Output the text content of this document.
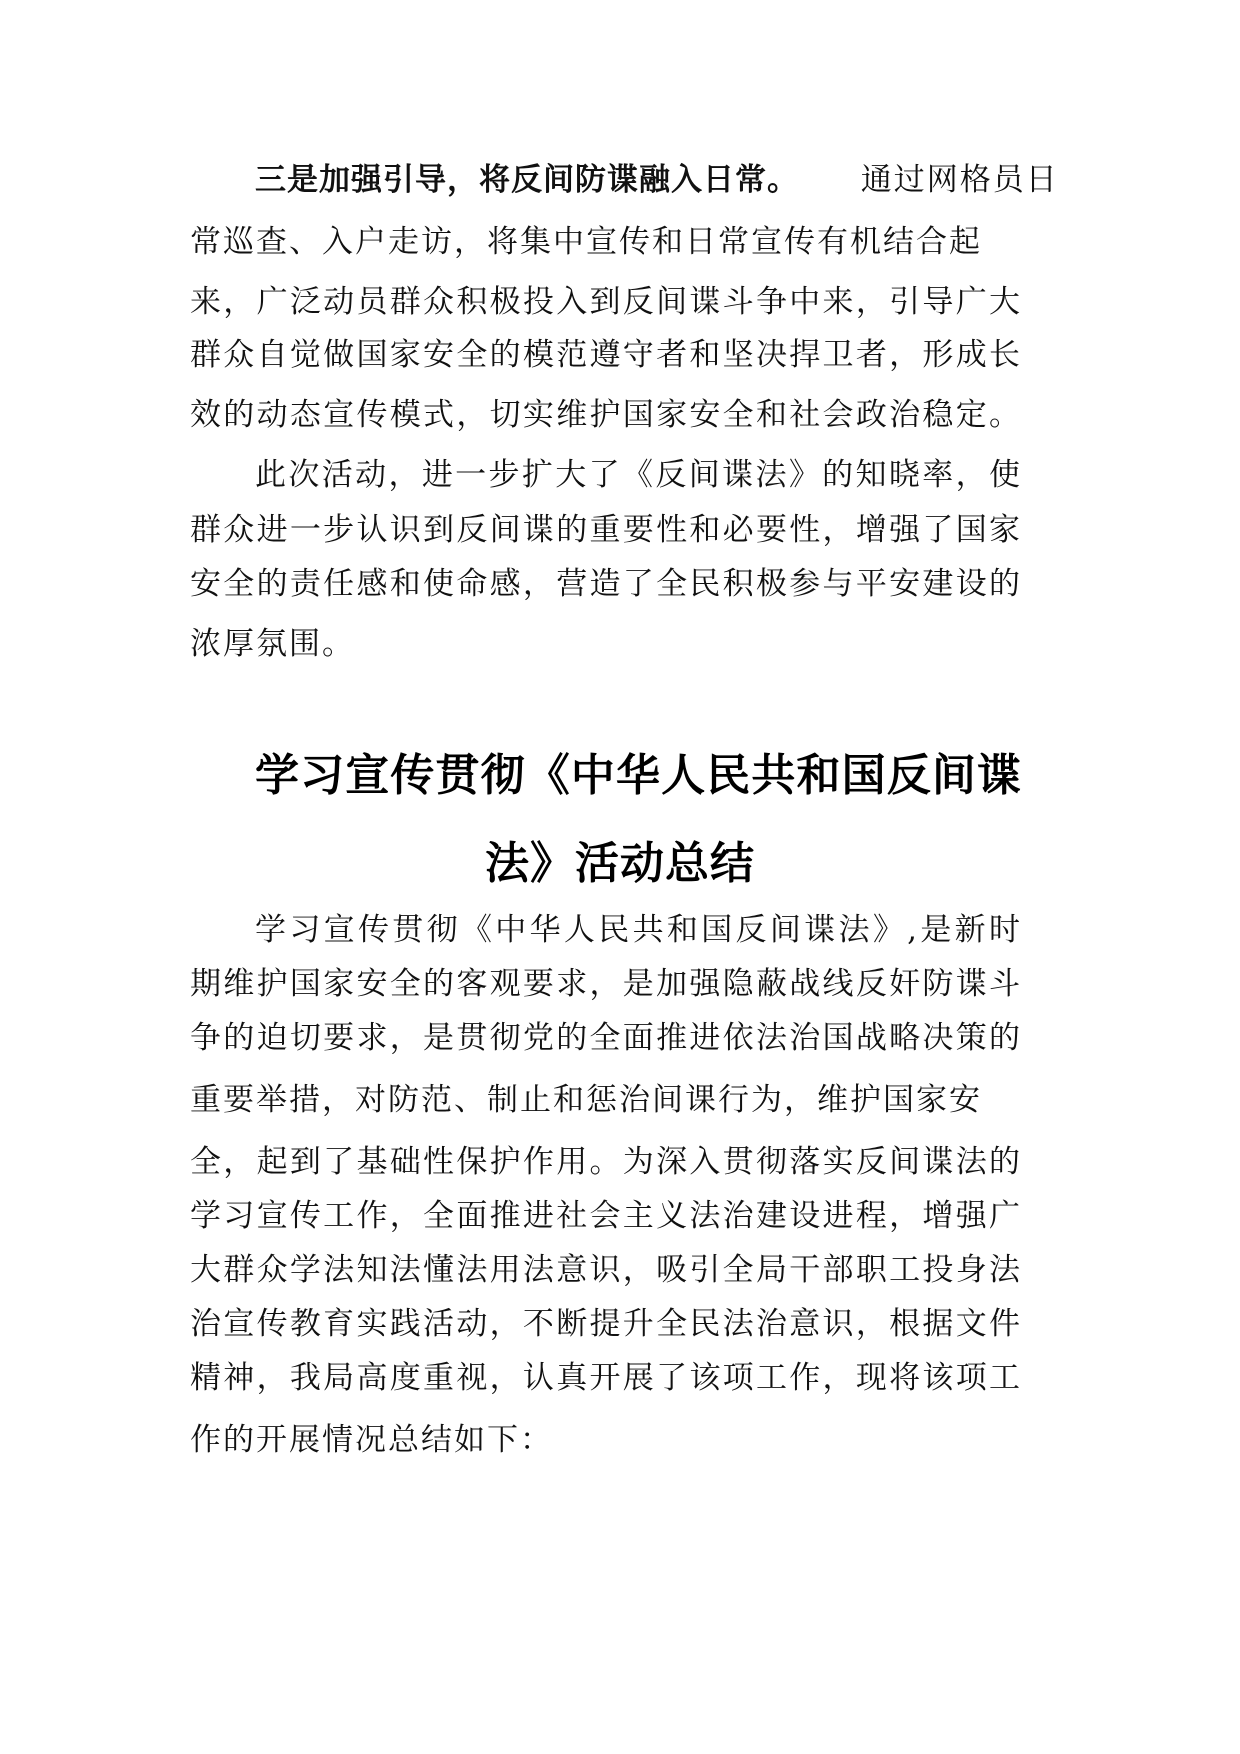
三是加强引导，将反间防谍融入日常。 通过网格员日
常巡查、入户走访，将集中宣传和日常宣传有机结合起
来，广泛动员群众积极投入到反间谍斗争中来，引导广大
群众自觉做国家安全的模范遵守者和坚决捍卫者，形成长
效的动态宣传模式，切实维护国家安全和社会政治稳定。
此次活动，进一步扩大了《反间谍法》的知晓率，使
群众进一步认识到反间谍的重要性和必要性，增强了国家
安全的责任感和使命感，营造了全民积极参与平安建设的
浓厚氛围。
学习宣传贯彻《中华人民共和国反间谍
法》活动总结
学习宣传贯彻《中华人民共和国反间谍法》,是新时
期维护国家安全的客观要求，是加强隐蔽战线反奸防谍斗
争的迫切要求，是贯彻党的全面推进依法治国战略决策的
重要举措，对防范、制止和惩治间课行为，维护国家安
全，起到了基础性保护作用。为深入贯彻落实反间谍法的
学习宣传工作，全面推进社会主义法治建设进程，增强广
大群众学法知法懂法用法意识，吸引全局干部职工投身法
治宣传教育实践活动，不断提升全民法治意识，根据文件
精神，我局高度重视，认真开展了该项工作，现将该项工
作的开展情况总结如下：
